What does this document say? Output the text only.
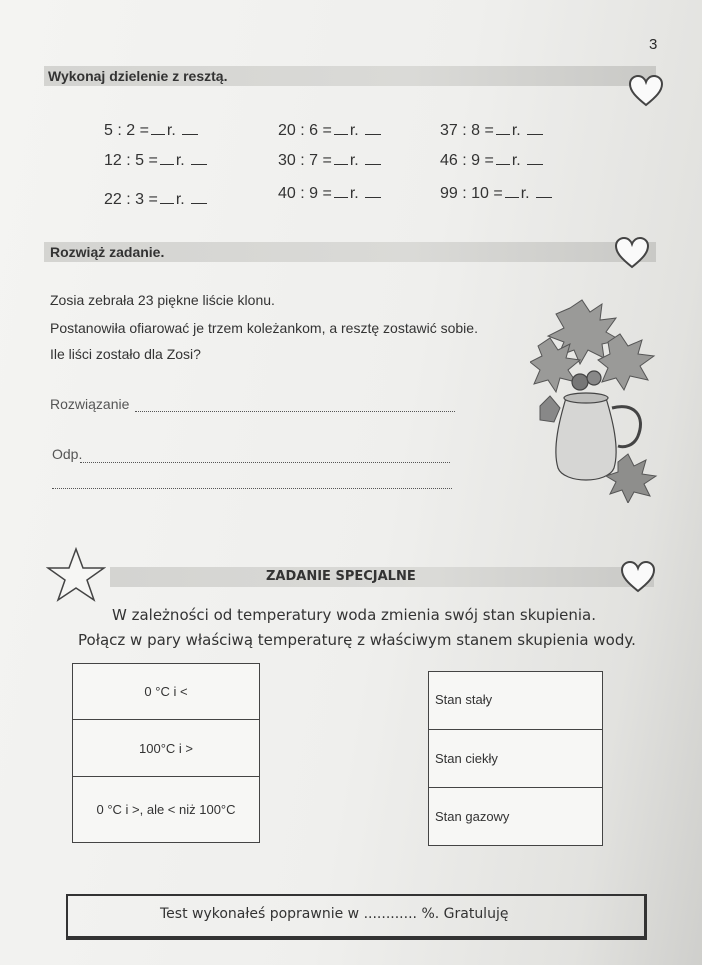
3
Wykonaj dzielenie z resztą.
5 : 2 = r.	20 : 6 = r.	37 : 8 = r.
12 : 5 = r.	30 : 7 = r.	46 : 9 = r.
22 : 3 = r.	40 : 9 = r.	99 : 10 = r.
Rozwiąż zadanie.
Zosia zebrała 23 piękne liście klonu.
Postanowiła ofiarować je trzem koleżankom, a resztę zostawić sobie.
Ile liści zostało dla Zosi?
Rozwiązanie
Odp.
ZADANIE SPECJALNE
W zależności od temperatury woda zmienia swój stan skupienia.
Połącz w pary właściwą temperaturę z właściwym stanem skupienia wody.
0 °C i <
100°C i >
0 °C i >, ale < niż 100°C
Stan stały
Stan ciekły
Stan gazowy
Test wykonałeś poprawnie w ............ %. Gratuluję
